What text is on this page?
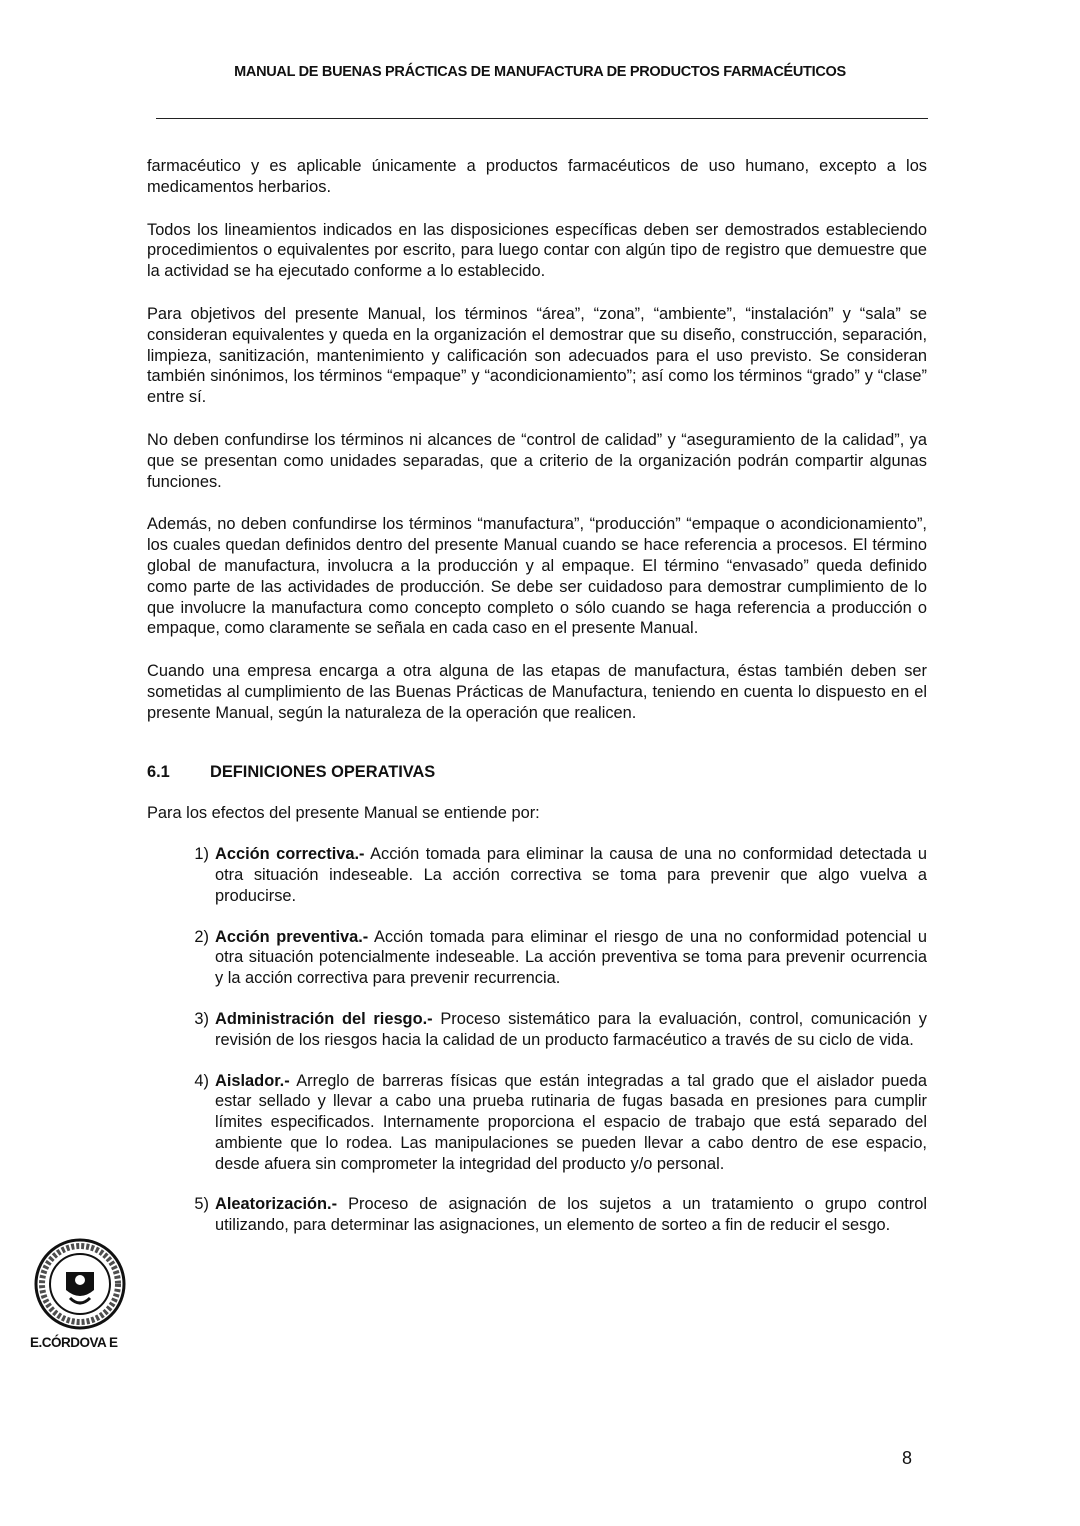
MANUAL DE BUENAS PRÁCTICAS DE MANUFACTURA DE PRODUCTOS FARMACÉUTICOS

farmacéutico y es aplicable únicamente a productos farmacéuticos de uso humano, excepto a los medicamentos herbarios.

Todos los lineamientos indicados en las disposiciones específicas deben ser demostrados estableciendo procedimientos o equivalentes por escrito, para luego contar con algún tipo de registro que demuestre que la actividad se ha ejecutado conforme a lo establecido.

Para objetivos del presente Manual, los términos “área”, “zona”, “ambiente”, “instalación” y “sala” se consideran equivalentes y queda en la organización el demostrar que su diseño, construcción, separación, limpieza, sanitización, mantenimiento y calificación son adecuados para el uso previsto. Se consideran también sinónimos, los términos “empaque” y “acondicionamiento”; así como los términos “grado” y “clase” entre sí.

No deben confundirse los términos ni alcances de “control de calidad” y “aseguramiento de la calidad”, ya que se presentan como unidades separadas, que a criterio de la organización podrán compartir algunas funciones.

Además, no deben confundirse los términos “manufactura”, “producción” “empaque o acondicionamiento”, los cuales quedan definidos dentro del presente Manual cuando se hace referencia a procesos. El término global de manufactura, involucra a la producción y al empaque. El término “envasado” queda definido como parte de las actividades de producción. Se debe ser cuidadoso para demostrar cumplimiento de lo que involucre la manufactura como concepto completo o sólo cuando se haga referencia a producción o empaque, como claramente se señala en cada caso en el presente Manual.

Cuando una empresa encarga a otra alguna de las etapas de manufactura, éstas también deben ser sometidas al cumplimiento de las Buenas Prácticas de Manufactura, teniendo en cuenta lo dispuesto en el presente Manual, según la naturaleza de la operación que realicen.

6.1	DEFINICIONES OPERATIVAS

Para los efectos del presente Manual se entiende por:

1) Acción correctiva.- Acción tomada para eliminar la causa de una no conformidad detectada u otra situación indeseable. La acción correctiva se toma para prevenir que algo vuelva a producirse.
2) Acción preventiva.- Acción tomada para eliminar el riesgo de una no conformidad potencial u otra situación potencialmente indeseable. La acción preventiva se toma para prevenir ocurrencia y la acción correctiva para prevenir recurrencia.
3) Administración del riesgo.- Proceso sistemático para la evaluación, control, comunicación y revisión de los riesgos hacia la calidad de un producto farmacéutico a través de su ciclo de vida.
4) Aislador.- Arreglo de barreras físicas que están integradas a tal grado que el aislador pueda estar sellado y llevar a cabo una prueba rutinaria de fugas basada en presiones para cumplir límites especificados. Internamente proporciona el espacio de trabajo que está separado del ambiente que lo rodea. Las manipulaciones se pueden llevar a cabo dentro de ese espacio, desde afuera sin comprometer la integridad del producto y/o personal.
5) Aleatorización.- Proceso de asignación de los sujetos a un tratamiento o grupo control utilizando, para determinar las asignaciones, un elemento de sorteo a fin de reducir el sesgo.
E.CÓRDOVA E
8
